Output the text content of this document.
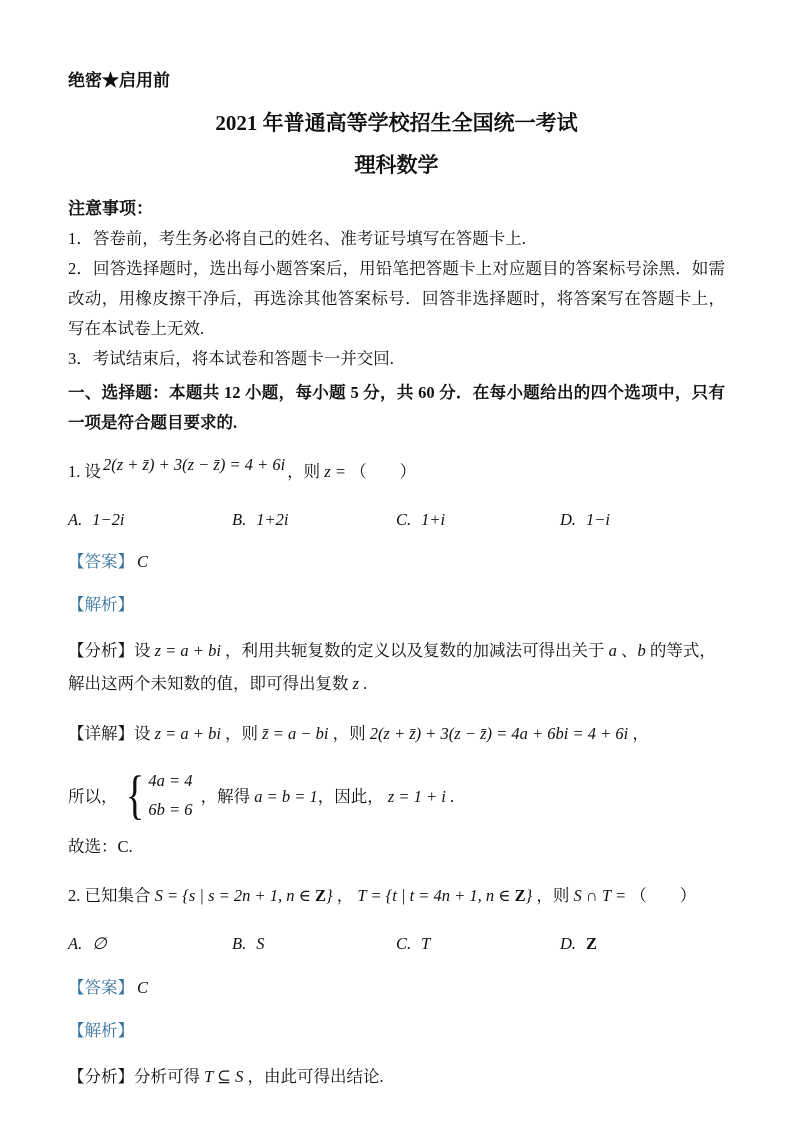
绝密★启用前
2021 年普通高等学校招生全国统一考试
理科数学
注意事项：

1．答卷前，考生务必将自己的姓名、准考证号填写在答题卡上.

2．回答选择题时，选出每小题答案后，用铅笔把答题卡上对应题目的答案标号涂黑．如需改动，用橡皮擦干净后，再选涂其他答案标号．回答非选择题时，将答案写在答题卡上，写在本试卷上无效.

3．考试结束后，将本试卷和答题卡一并交回.

一、选择题：本题共 12 小题，每小题 5 分，共 60 分．在每小题给出的四个选项中，只有一项是符合题目要求的.

1. 设 2(z + z̄) + 3(z − z̄) = 4 + 6i ，则 z = （　　）

A. 1−2i	B. 1+2i	C. 1+i	D. 1−i

【答案】 C

【解析】

【分析】设 z = a + bi ，利用共轭复数的定义以及复数的加减法可得出关于 a 、b 的等式，解出这两个未知数的值，即可得出复数 z .

【详解】设 z = a + bi ，则 z̄ = a − bi ，则 2(z + z̄) + 3(z − z̄) = 4a + 6bi = 4 + 6i ，

所以， { 4a = 4
6b = 6
，解得 a = b = 1，因此， z = 1 + i .

故选：C.

2. 已知集合 S = {s | s = 2n + 1, n ∈ Z} ， T = {t | t = 4n + 1, n ∈ Z} ，则 S ∩ T = （　　）

A. ∅	B. S	C. T	D. Z

【答案】 C

【解析】

【分析】分析可得 T ⊆ S ，由此可得出结论.
